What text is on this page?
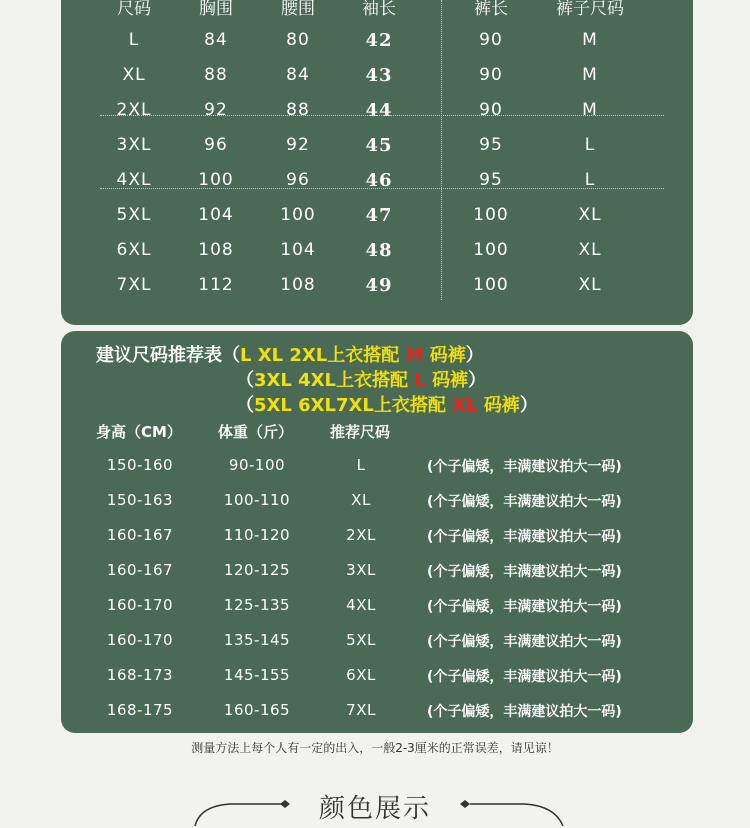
尺码	胸围	腰围	袖长	裤长	裤子尺码
L	84	80	42	90	M
XL	88	84	43	90	M
2XL	92	88	44	90	M
3XL	96	92	45	95	L
4XL	100	96	46	95	L
5XL	104	100	47	100	XL
6XL	108	104	48	100	XL
7XL	112	108	49	100	XL
建议尺码推荐表（L XL 2XL上衣搭配 M 码裤）
（3XL 4XL上衣搭配 L 码裤）
（5XL 6XL7XL上衣搭配 XL 码裤）
身高（CM） 体重（斤） 推荐尺码
150-160	90-100	L	(个子偏矮，丰满建议拍大一码)
150-163	100-110	XL	(个子偏矮，丰满建议拍大一码)
160-167	110-120	2XL	(个子偏矮，丰满建议拍大一码)
160-167	120-125	3XL	(个子偏矮，丰满建议拍大一码)
160-170	125-135	4XL	(个子偏矮，丰满建议拍大一码)
160-170	135-145	5XL	(个子偏矮，丰满建议拍大一码)
168-173	145-155	6XL	(个子偏矮，丰满建议拍大一码)
168-175	160-165	7XL	(个子偏矮，丰满建议拍大一码)
测量方法上每个人有一定的出入，一般2-3厘米的正常误差，请见谅！
颜色展示
